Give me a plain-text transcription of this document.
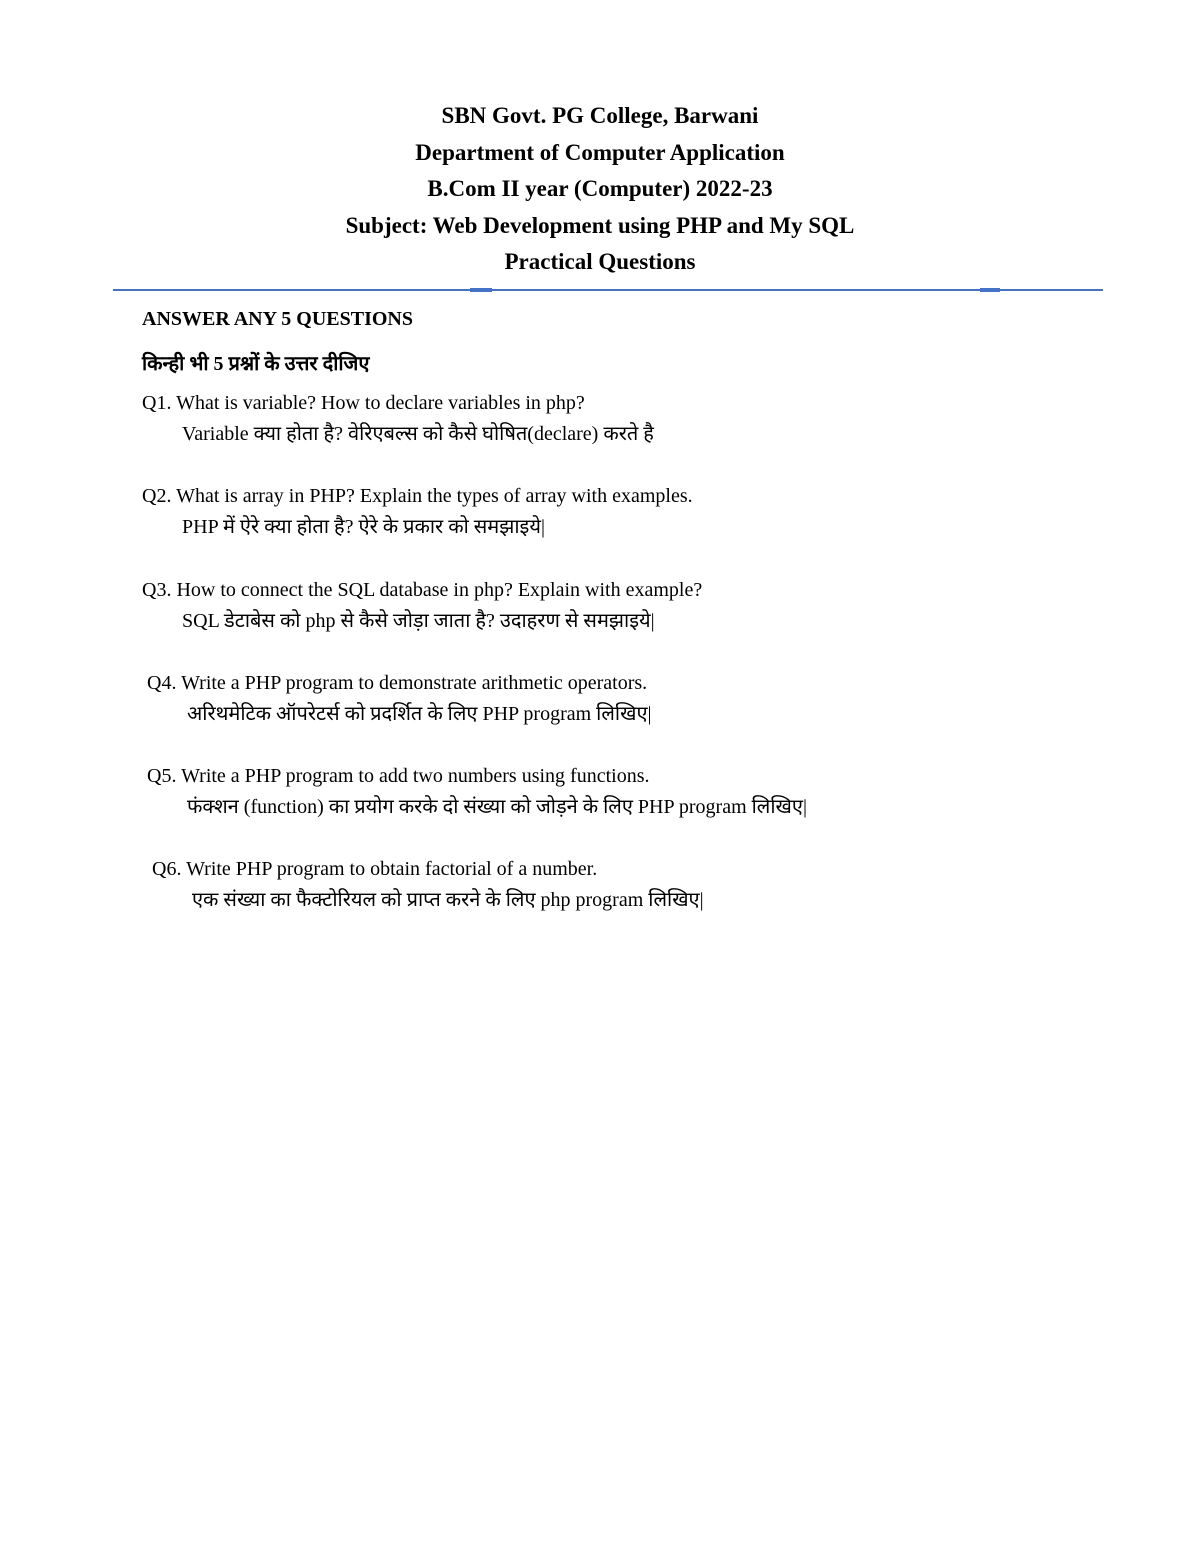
SBN Govt. PG College, Barwani
Department of Computer Application
B.Com II year (Computer) 2022-23
Subject: Web Development using PHP and My SQL
Practical Questions
ANSWER ANY 5 QUESTIONS
किन्ही भी 5 प्रश्नों के उत्तर दीजिए
Q1. What is variable? How to declare variables in php?
Variable क्या होता है? वेरिएबल्स को कैसे घोषित(declare) करते है
Q2. What is array in PHP? Explain the types of array with examples.
PHP में ऐरे क्या होता है? ऐरे के प्रकार को समझाइये|
Q3. How to connect the SQL database in php? Explain with example?
SQL डेटाबेस को php से कैसे जोड़ा जाता है? उदाहरण से समझाइये|
Q4. Write a PHP program to demonstrate arithmetic operators.
अरिथमेटिक ऑपरेटर्स को प्रदर्शित के लिए PHP program लिखिए|
Q5. Write a PHP program to add two numbers using functions.
फंक्शन (function) का प्रयोग करके दो संख्या को जोड़ने के लिए PHP program लिखिए|
Q6. Write PHP program to obtain factorial of a number.
एक संख्या का फैक्टोरियल को प्राप्त करने के लिए php program लिखिए|
